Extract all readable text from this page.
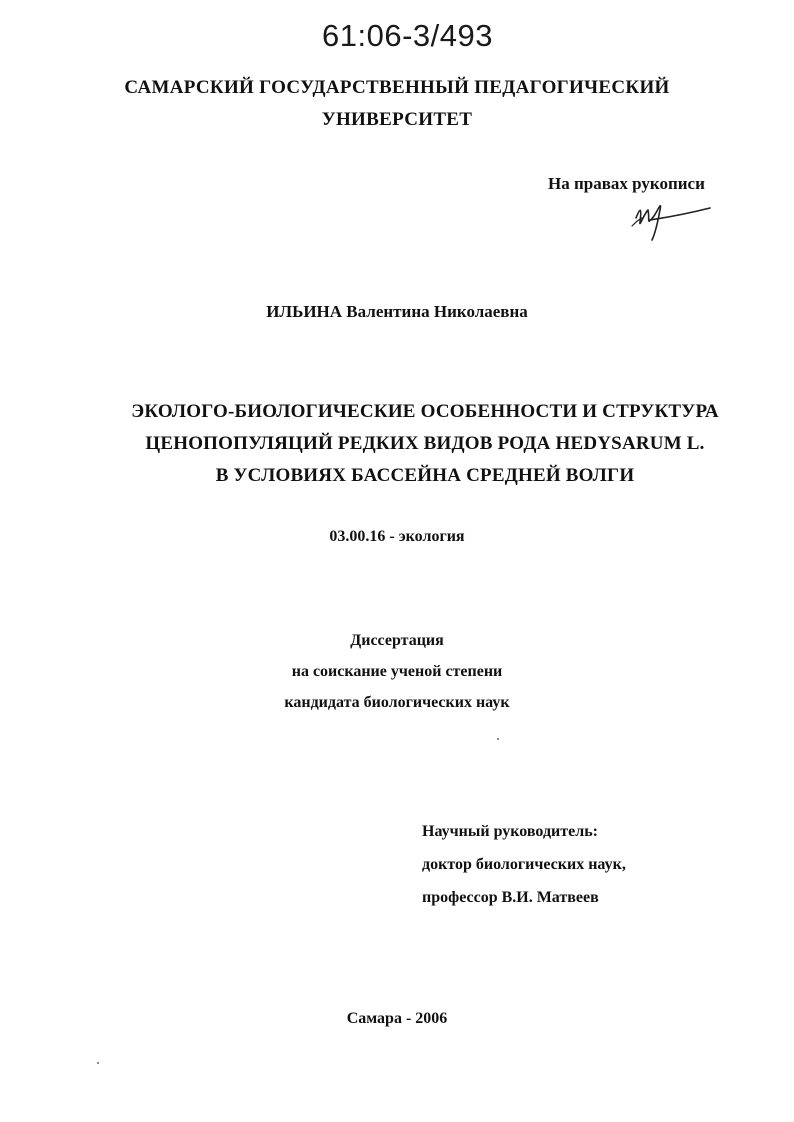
61:06-3/493
САМАРСКИЙ ГОСУДАРСТВЕННЫЙ ПЕДАГОГИЧЕСКИЙ
УНИВЕРСИТЕТ
На правах рукописи
ИЛЬИНА Валентина Николаевна
ЭКОЛОГО-БИОЛОГИЧЕСКИЕ ОСОБЕННОСТИ И СТРУКТУРА
ЦЕНОПОПУЛЯЦИЙ РЕДКИХ ВИДОВ РОДА HEDYSARUM L.
В УСЛОВИЯХ БАССЕЙНА СРЕДНЕЙ ВОЛГИ
03.00.16 - экология
Диссертация
на соискание ученой степени
кандидата биологических наук
Научный руководитель:
доктор биологических наук,
профессор В.И. Матвеев
Самара - 2006
